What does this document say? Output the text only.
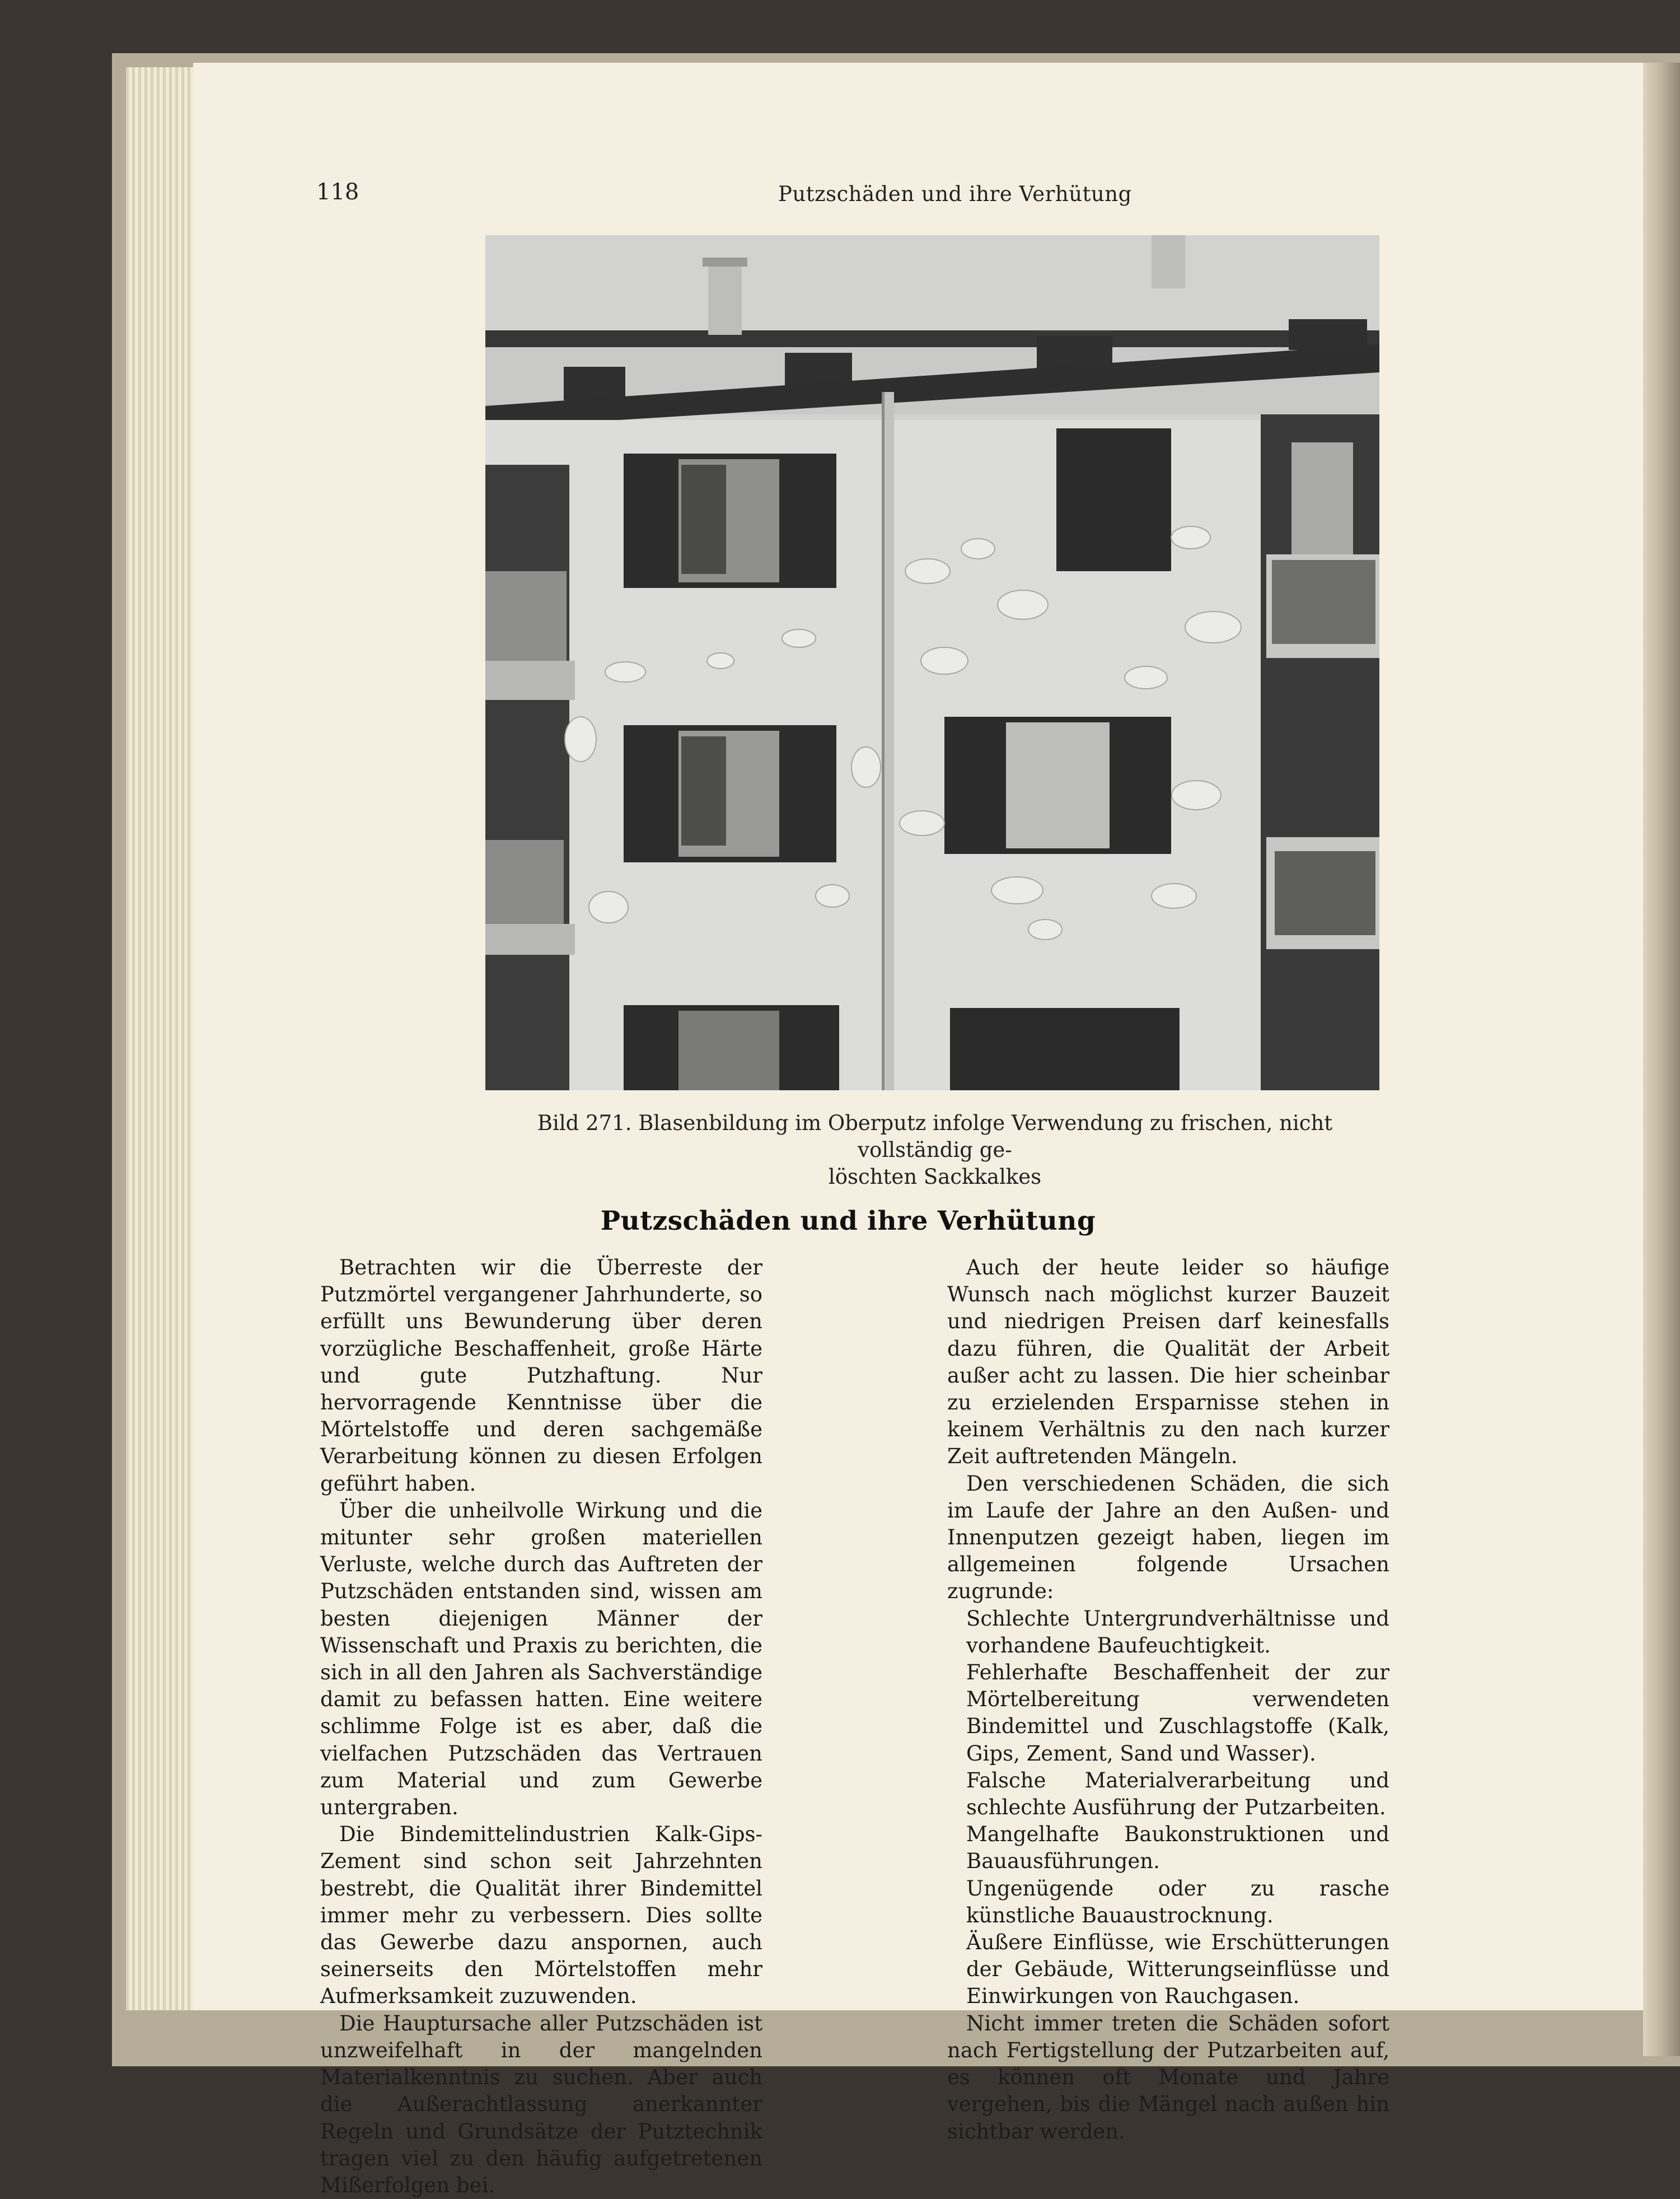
118	Putzschäden und ihre Verhütung
Bild 271. Blasenbildung im Oberputz infolge Verwendung zu frischen, nicht vollständig ge-
löschten Sackkalkes
Putzschäden und ihre Verhütung

Betrachten wir die Überreste der Putzmörtel vergangener Jahrhunderte, so erfüllt uns Bewunderung über deren vorzügliche Beschaffenheit, große Härte und gute Putzhaftung. Nur hervorragende Kenntnisse über die Mörtelstoffe und deren sachgemäße Verarbeitung können zu diesen Erfolgen geführt haben.

Über die unheilvolle Wirkung und die mitunter sehr großen materiellen Verluste, welche durch das Auftreten der Putzschäden entstanden sind, wissen am besten diejenigen Männer der Wissenschaft und Praxis zu berichten, die sich in all den Jahren als Sachverständige damit zu befassen hatten. Eine weitere schlimme Folge ist es aber, daß die vielfachen Putzschäden das Vertrauen zum Material und zum Gewerbe untergraben.

Die Bindemittelindustrien Kalk-Gips-Zement sind schon seit Jahrzehnten bestrebt, die Qualität ihrer Bindemittel immer mehr zu verbessern. Dies sollte das Gewerbe dazu anspornen, auch seinerseits den Mörtelstoffen mehr Aufmerksamkeit zuzuwenden.

Die Hauptursache aller Putzschäden ist unzweifelhaft in der mangelnden Materialkenntnis zu suchen. Aber auch die Außerachtlassung anerkannter Regeln und Grundsätze der Putztechnik tragen viel zu den häufig aufgetretenen Mißerfolgen bei.

Auch der heute leider so häufige Wunsch nach möglichst kurzer Bauzeit und niedrigen Preisen darf keinesfalls dazu führen, die Qualität der Arbeit außer acht zu lassen. Die hier scheinbar zu erzielenden Ersparnisse stehen in keinem Verhältnis zu den nach kurzer Zeit auftretenden Mängeln.

Den verschiedenen Schäden, die sich im Laufe der Jahre an den Außen- und Innenputzen gezeigt haben, liegen im allgemeinen folgende Ursachen zugrunde:

Schlechte Untergrundverhältnisse und vorhandene Baufeuchtigkeit.

Fehlerhafte Beschaffenheit der zur Mörtelbereitung verwendeten Bindemittel und Zuschlagstoffe (Kalk, Gips, Zement, Sand und Wasser).

Falsche Materialverarbeitung und schlechte Ausführung der Putzarbeiten.

Mangelhafte Baukonstruktionen und Bauausführungen.

Ungenügende oder zu rasche künstliche Bauaustrocknung.

Äußere Einflüsse, wie Erschütterungen der Gebäude, Witterungseinflüsse und Einwirkungen von Rauchgasen.

Nicht immer treten die Schäden sofort nach Fertigstellung der Putzarbeiten auf, es können oft Monate und Jahre vergehen, bis die Mängel nach außen hin sichtbar werden.
